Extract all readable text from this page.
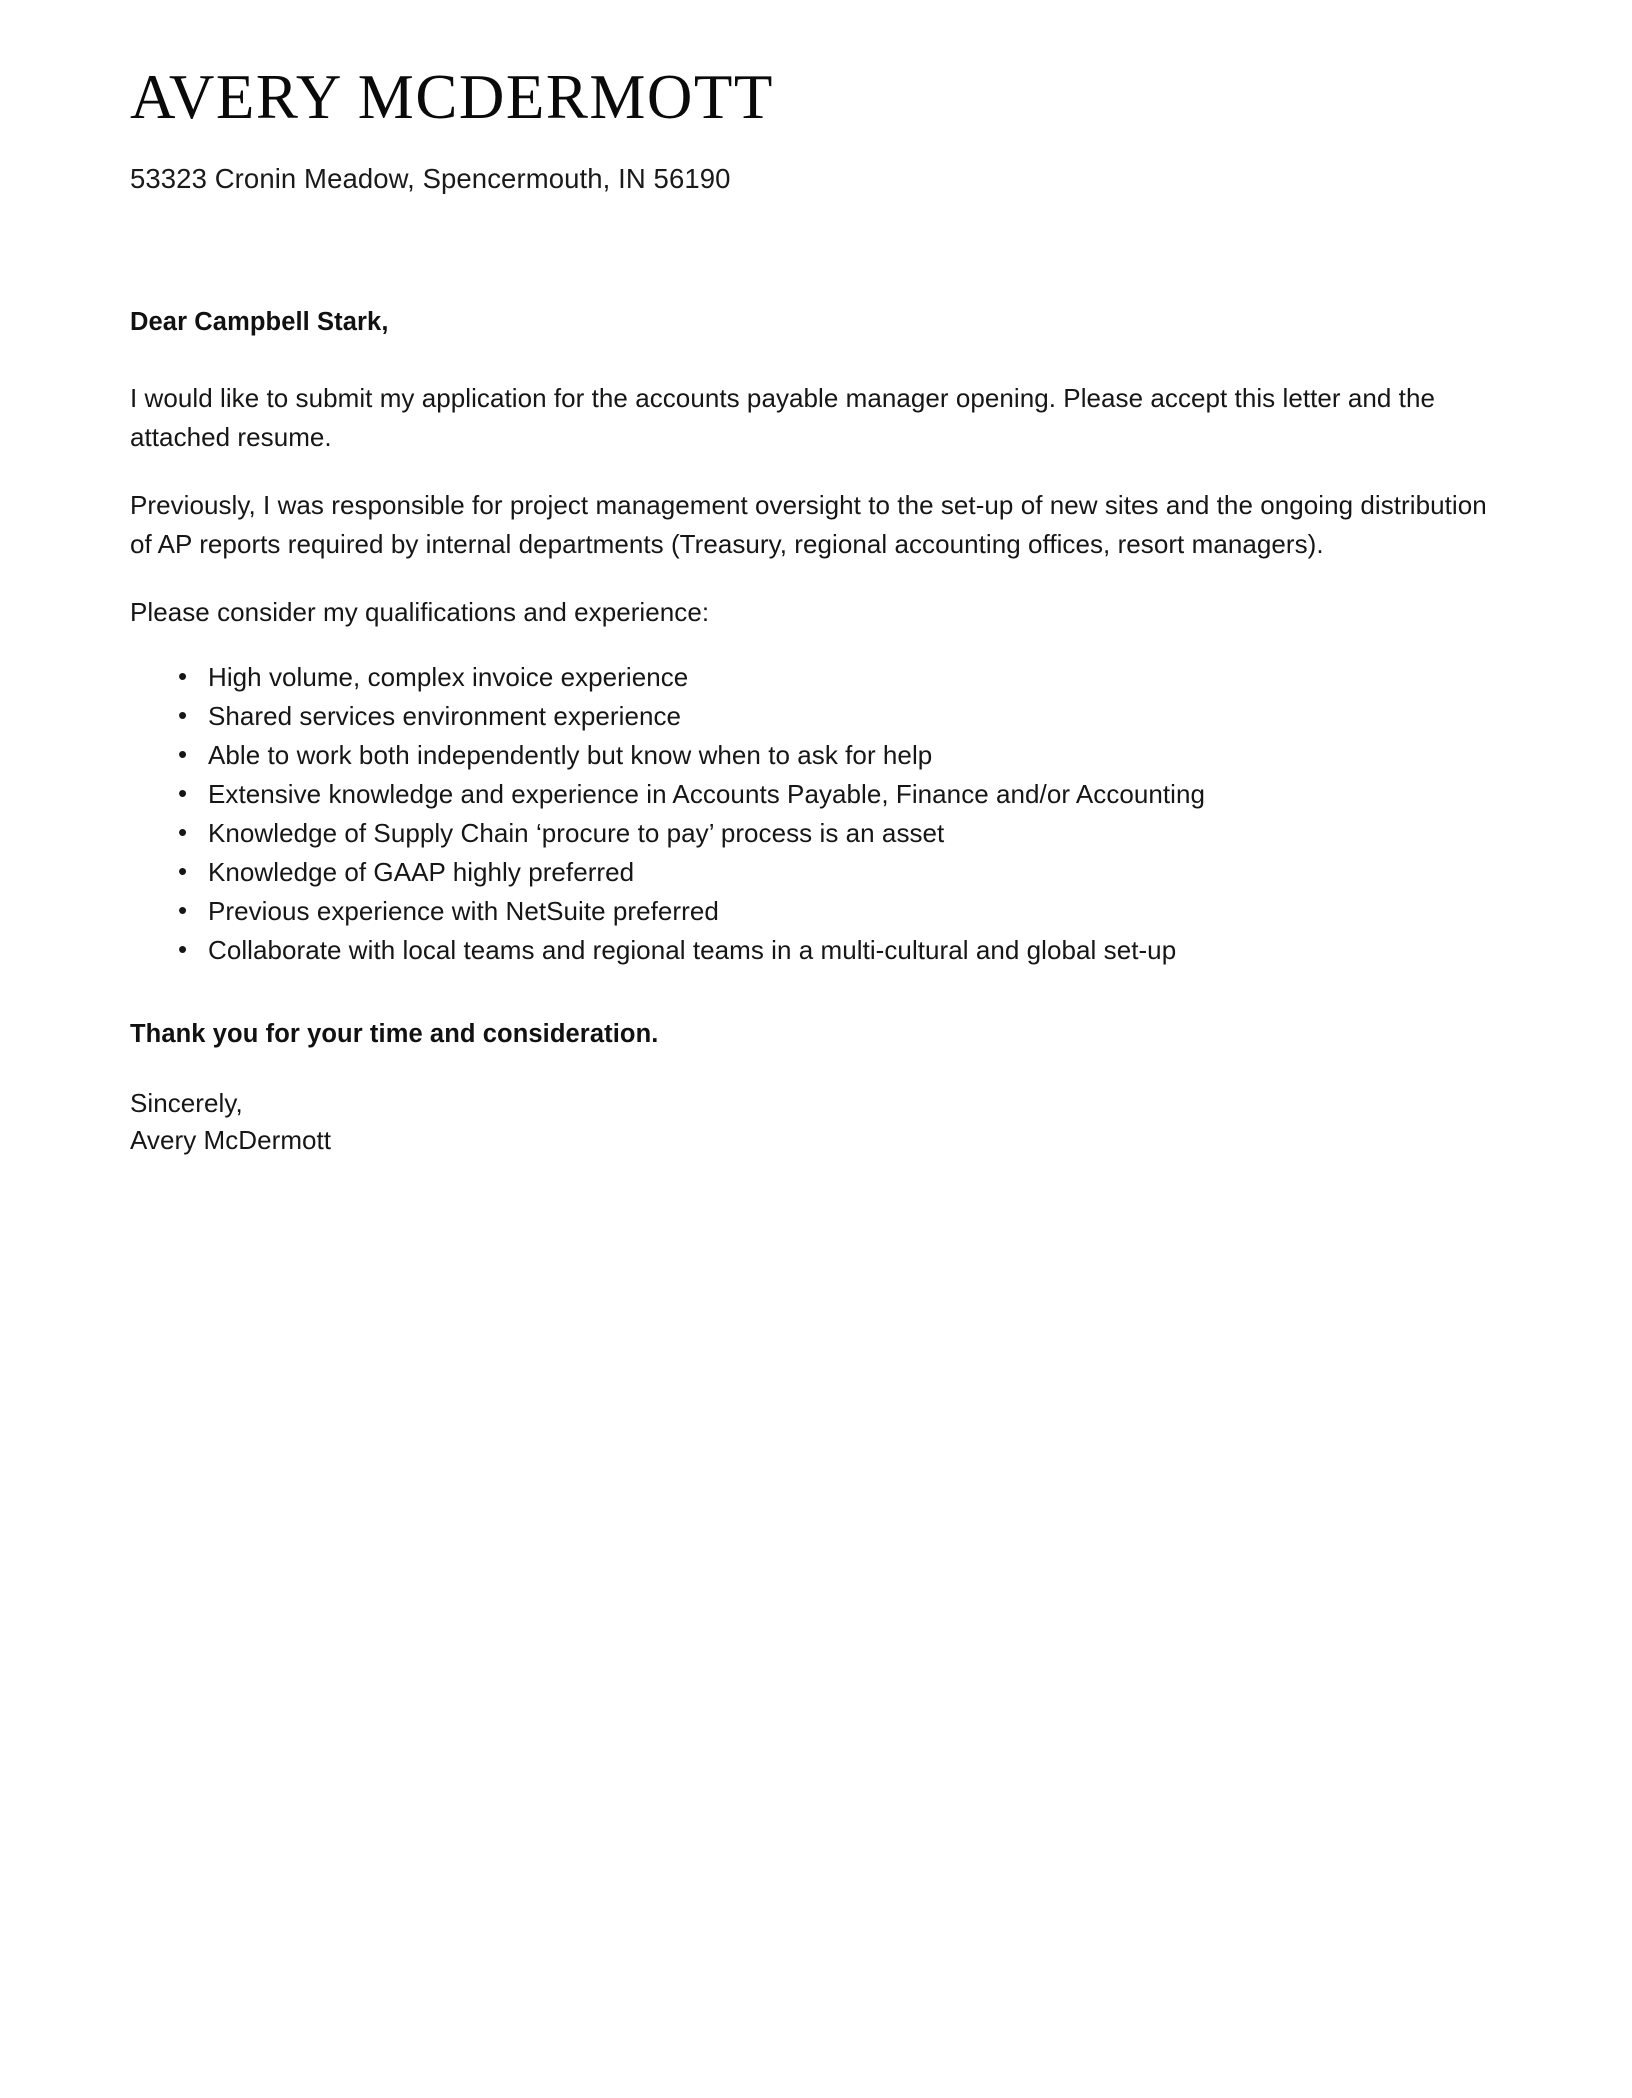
AVERY MCDERMOTT

53323 Cronin Meadow, Spencermouth, IN 56190

Dear Campbell Stark,

I would like to submit my application for the accounts payable manager opening. Please accept this letter and the attached resume.

Previously, I was responsible for project management oversight to the set-up of new sites and the ongoing distribution of AP reports required by internal departments (Treasury, regional accounting offices, resort managers).

Please consider my qualifications and experience:

• High volume, complex invoice experience
• Shared services environment experience
• Able to work both independently but know when to ask for help
• Extensive knowledge and experience in Accounts Payable, Finance and/or Accounting
• Knowledge of Supply Chain ‘procure to pay’ process is an asset
• Knowledge of GAAP highly preferred
• Previous experience with NetSuite preferred
• Collaborate with local teams and regional teams in a multi-cultural and global set-up

Thank you for your time and consideration.

Sincerely,
Avery McDermott
